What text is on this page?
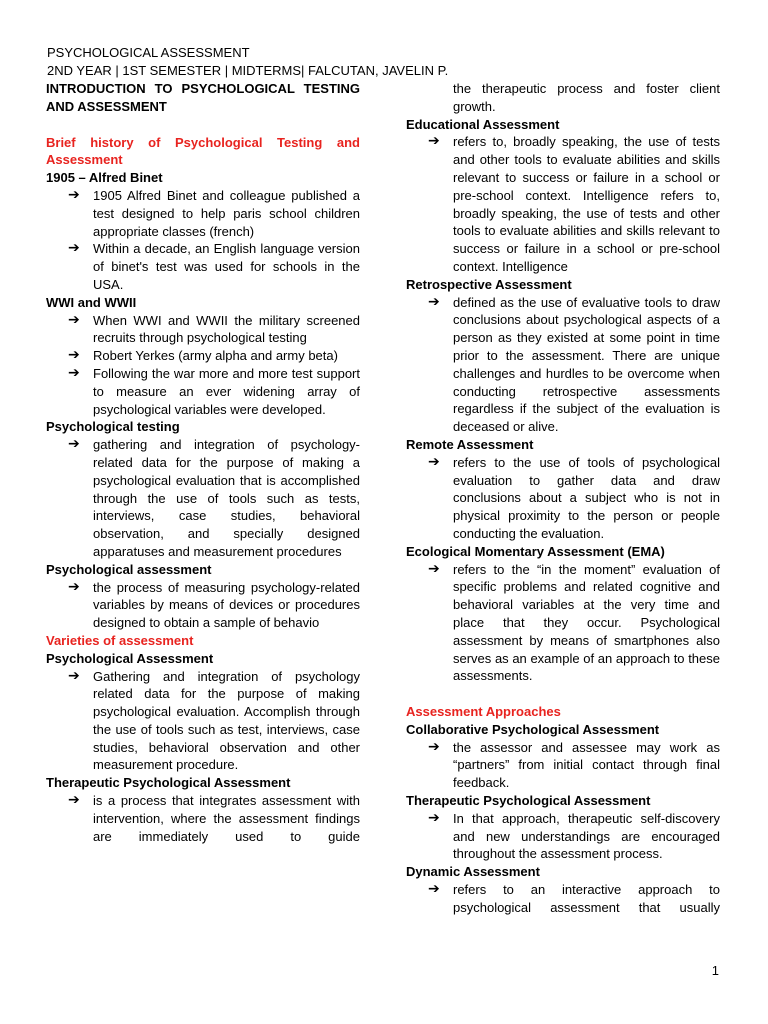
PSYCHOLOGICAL ASSESSMENT
2ND YEAR | 1ST SEMESTER | MIDTERMS| FALCUTAN, JAVELIN P.
INTRODUCTION TO PSYCHOLOGICAL TESTING AND ASSESSMENT
Brief history of Psychological Testing and Assessment
1905 – Alfred Binet
➔ 1905 Alfred Binet and colleague published a test designed to help paris school children appropriate classes (french)
➔ Within a decade, an English language version of binet's test was used for schools in the USA.
WWI and WWII
➔ When WWI and WWII the military screened recruits through psychological testing
➔ Robert Yerkes (army alpha and army beta)
➔ Following the war more and more test support to measure an ever widening array of psychological variables were developed.
Psychological testing
➔ gathering and integration of psychology-related data for the purpose of making a psychological evaluation that is accomplished through the use of tools such as tests, interviews, case studies, behavioral observation, and specially designed apparatuses and measurement procedures
Psychological assessment
➔ the process of measuring psychology-related variables by means of devices or procedures designed to obtain a sample of behavio
Varieties of assessment
Psychological Assessment
➔ Gathering and integration of psychology related data for the purpose of making psychological evaluation. Accomplish through the use of tools such as test, interviews, case studies, behavioral observation and other measurement procedure.
Therapeutic Psychological Assessment
➔ is a process that integrates assessment with intervention, where the assessment findings are immediately used to guide
the therapeutic process and foster client growth.
Educational Assessment
➔ refers to, broadly speaking, the use of tests and other tools to evaluate abilities and skills relevant to success or failure in a school or pre-school context. Intelligence refers to, broadly speaking, the use of tests and other tools to evaluate abilities and skills relevant to success or failure in a school or pre-school context. Intelligence
Retrospective Assessment
➔ defined as the use of evaluative tools to draw conclusions about psychological aspects of a person as they existed at some point in time prior to the assessment. There are unique challenges and hurdles to be overcome when conducting retrospective assessments regardless if the subject of the evaluation is deceased or alive.
Remote Assessment
➔ refers to the use of tools of psychological evaluation to gather data and draw conclusions about a subject who is not in physical proximity to the person or people conducting the evaluation.
Ecological Momentary Assessment (EMA)
➔ refers to the “in the moment” evaluation of specific problems and related cognitive and behavioral variables at the very time and place that they occur. Psychological assessment by means of smartphones also serves as an example of an approach to these assessments.
Assessment Approaches
Collaborative Psychological Assessment
➔ the assessor and assessee may work as “partners” from initial contact through final feedback.
Therapeutic Psychological Assessment
➔ In that approach, therapeutic self-discovery and new understandings are encouraged throughout the assessment process.
Dynamic Assessment
➔ refers to an interactive approach to psychological assessment that usually
1
